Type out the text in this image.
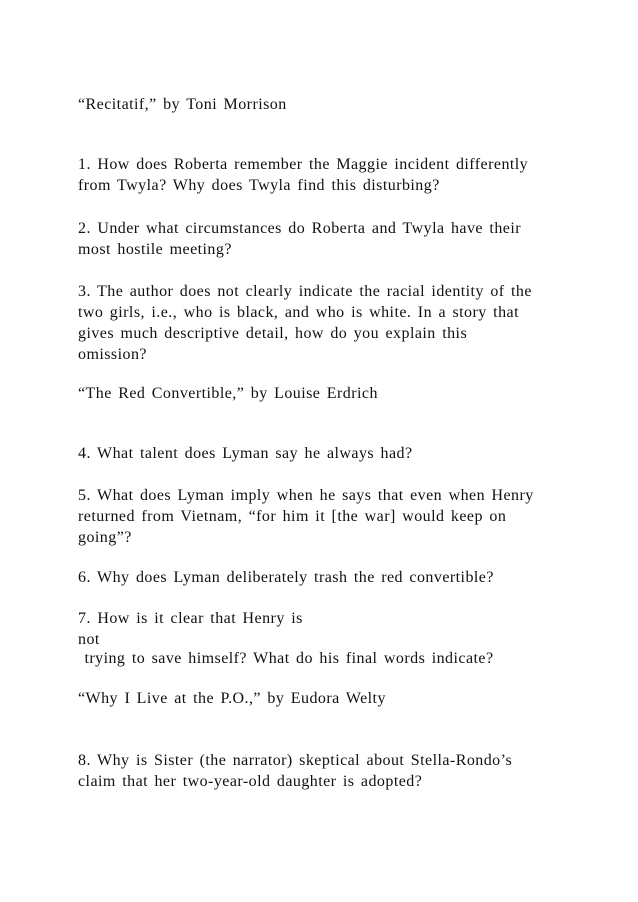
“Recitatif,” by Toni Morrison

1. How does Roberta remember the Maggie incident differently

from Twyla? Why does Twyla find this disturbing?

2. Under what circumstances do Roberta and Twyla have their

most hostile meeting?

3. The author does not clearly indicate the racial identity of the

two girls, i.e., who is black, and who is white. In a story that

gives much descriptive detail, how do you explain this

omission?

“The Red Convertible,” by Louise Erdrich

4. What talent does Lyman say he always had?

5. What does Lyman imply when he says that even when Henry

returned from Vietnam, “for him it [the war] would keep on

going”?

6. Why does Lyman deliberately trash the red convertible?

7. How is it clear that Henry is

not

trying to save himself? What do his final words indicate?

“Why I Live at the P.O.,” by Eudora Welty

8. Why is Sister (the narrator) skeptical about Stella-Rondo’s

claim that her two-year-old daughter is adopted?
